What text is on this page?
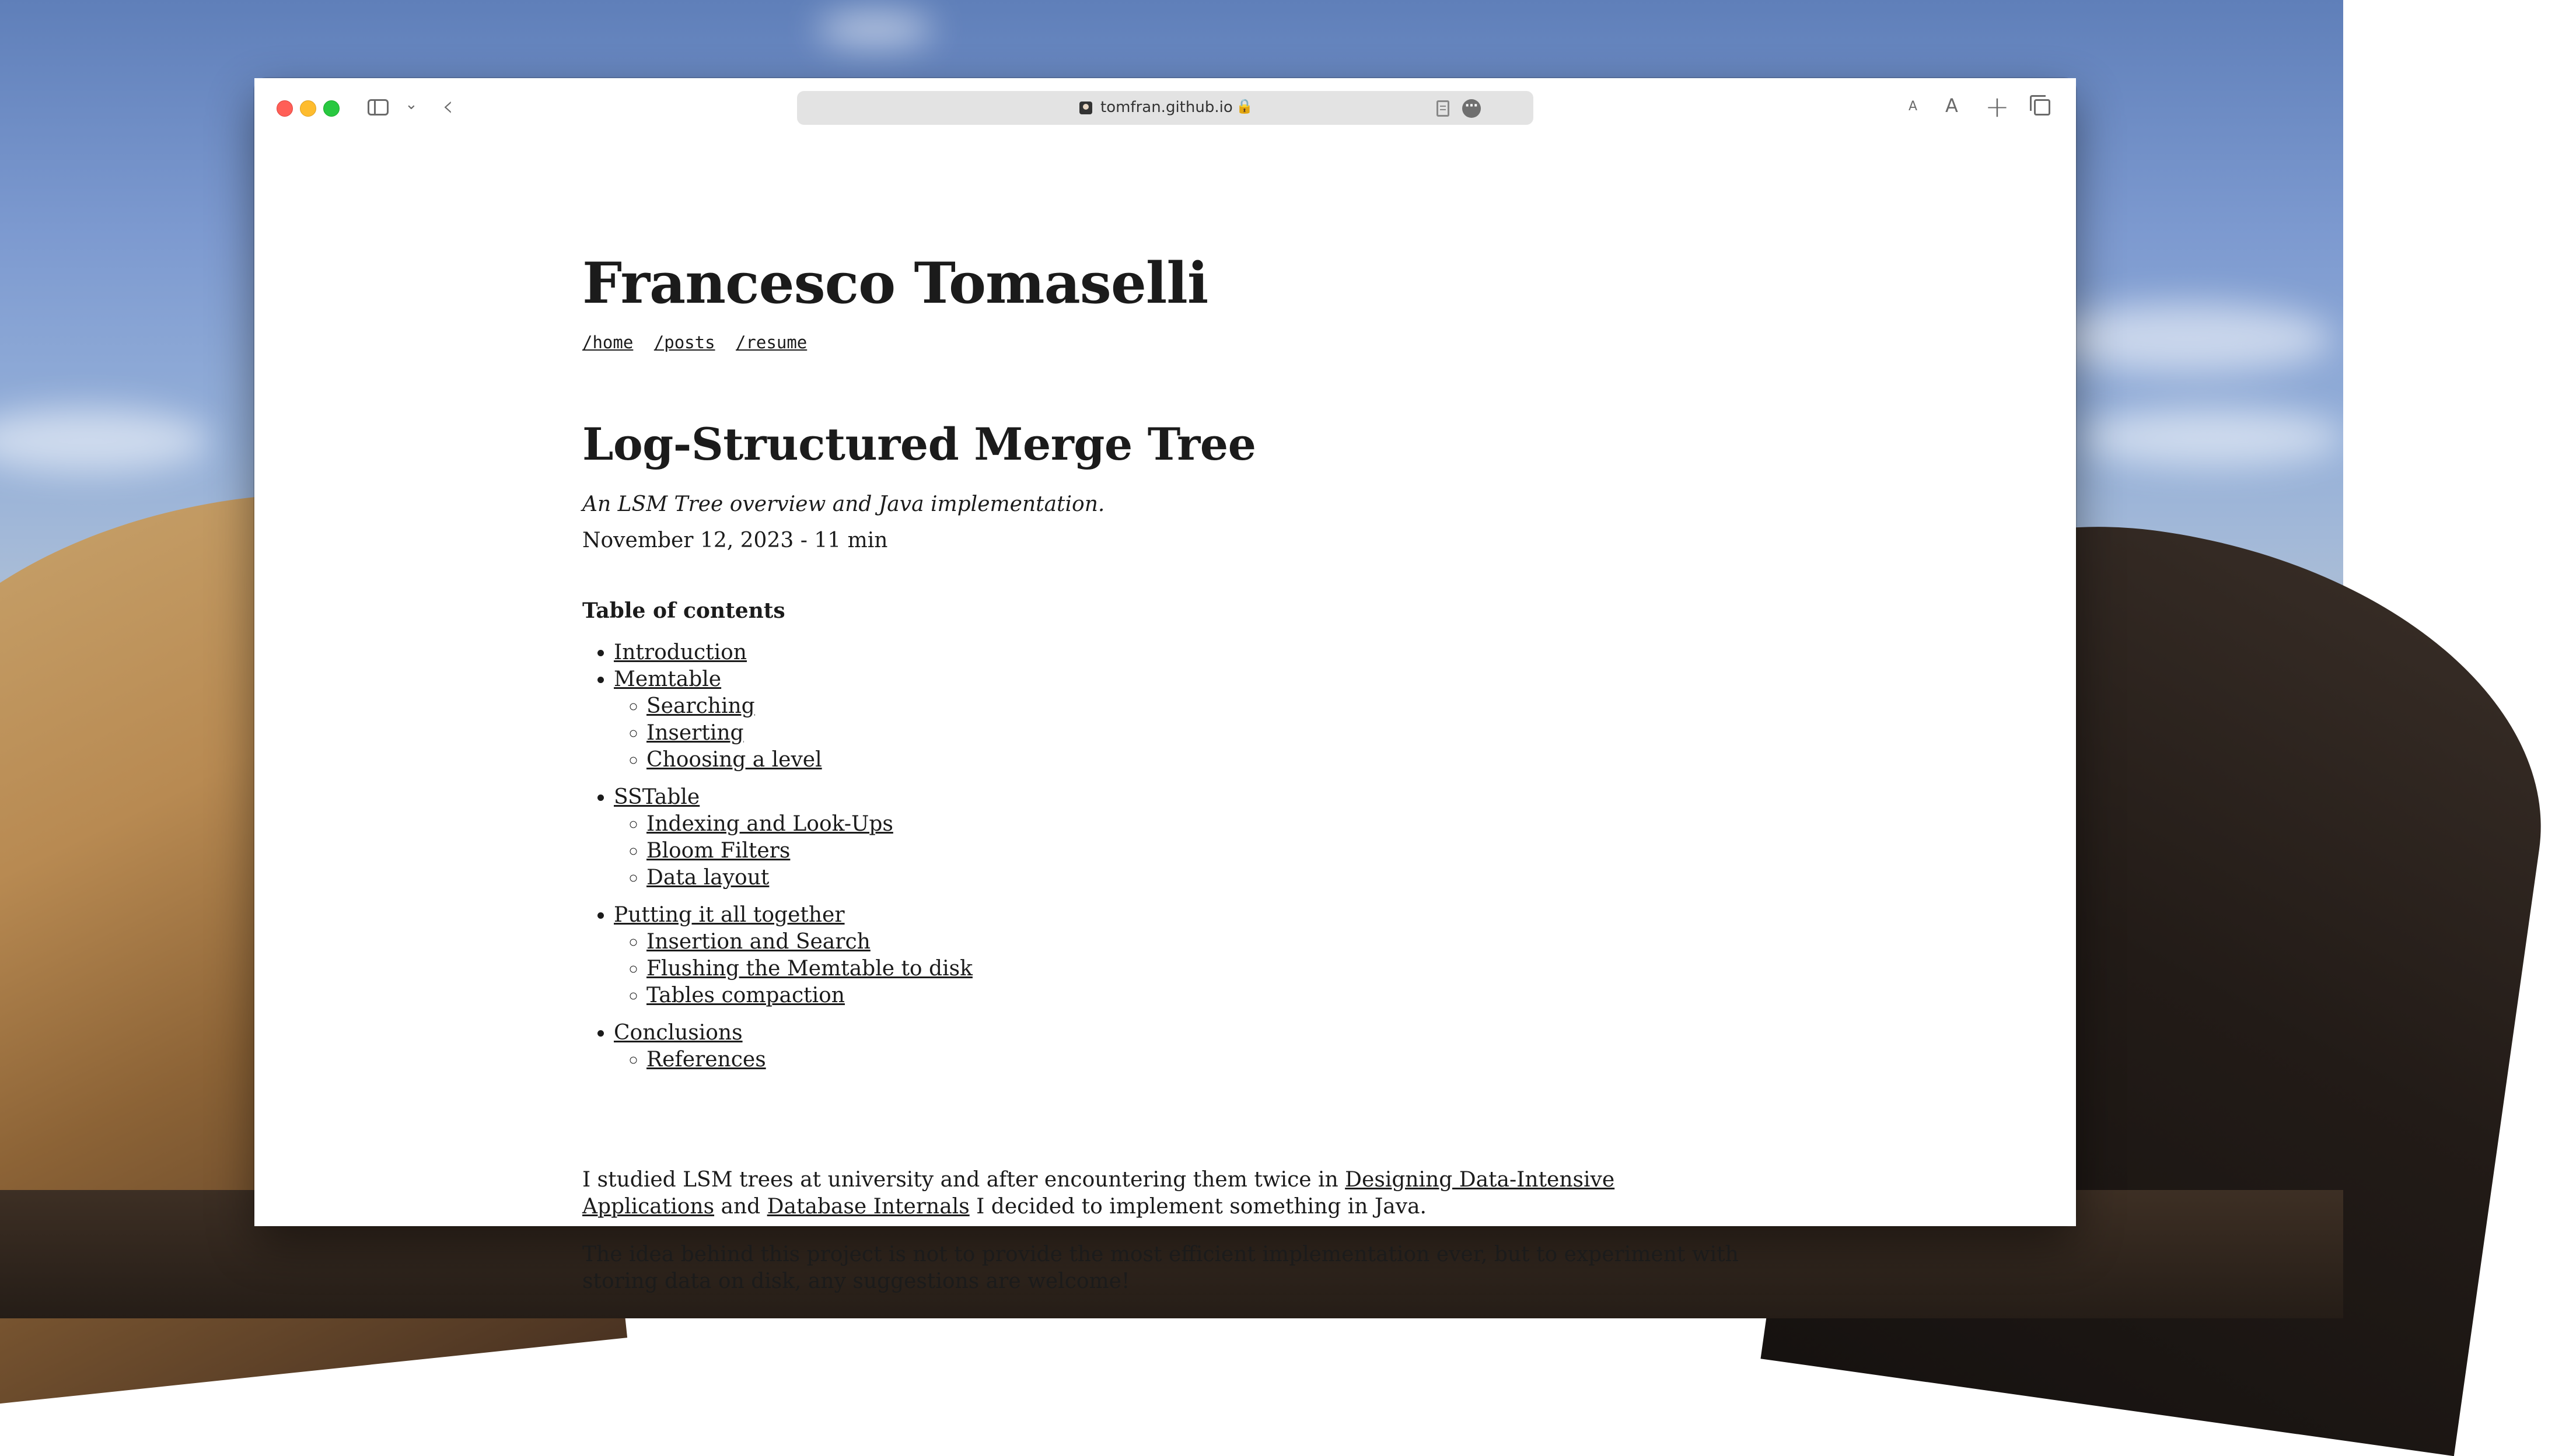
⌄ ‹	tomfran.github.io 🔒	⋯	A A +
Francesco Tomaselli
/home /posts /resume
Log-Structured Merge Tree
An LSM Tree overview and Java implementation.
November 12, 2023 - 11 min
Table of contents
• Introduction
• Memtable
◦ Searching
◦ Inserting
◦ Choosing a level
• SSTable
◦ Indexing and Look-Ups
◦ Bloom Filters
◦ Data layout
• Putting it all together
◦ Insertion and Search
◦ Flushing the Memtable to disk
◦ Tables compaction
• Conclusions
◦ References

I studied LSM trees at university and after encountering them twice in Designing Data-Intensive Applications and Database Internals I decided to implement something in Java.

The idea behind this project is not to provide the most efficient implementation ever, but to experiment with storing data on disk, any suggestions are welcome!
